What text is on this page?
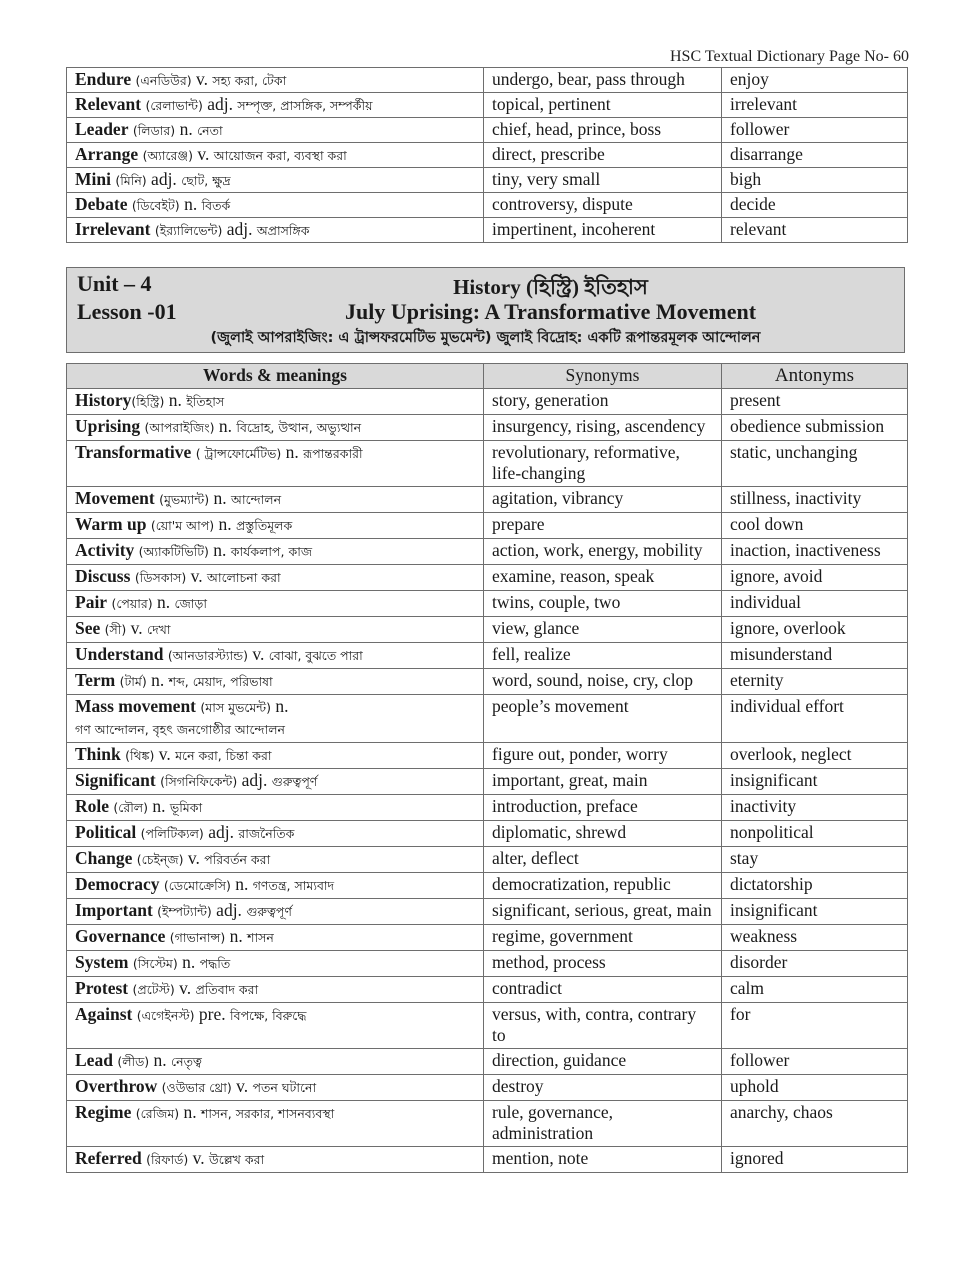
HSC Textual Dictionary Page No- 60
Endure (এনডিউর) v. সহ্য করা, টেকা	undergo, bear, pass through	enjoy
Relevant (রেলাভান্ট) adj. সম্পৃক্ত, প্রাসঙ্গিক, সম্পর্কীয়	topical, pertinent	irrelevant
Leader (লিডার) n. নেতা	chief, head, prince, boss	follower
Arrange (অ্যারেঞ্জ) v. আয়োজন করা, ব্যবস্থা করা	direct, prescribe	disarrange
Mini (মিনি) adj. ছোট, ক্ষুদ্র	tiny, very small	bigh
Debate (ডিবেইট) n. বিতর্ক	controversy, dispute	decide
Irrelevant (ইর‍্যালিভেন্ট) adj. অপ্রাসঙ্গিক	impertinent, incoherent	relevant
Unit – 4	History (হিস্ট্রি) ইতিহাস
Lesson -01	July Uprising: A Transformative Movement
(জুলাই আপরাইজিং: এ ট্রান্সফরমেটিভ মুভমেন্ট) জুলাই বিদ্রোহ: একটি রূপান্তরমূলক আন্দোলন
Words & meanings	Synonyms	Antonyms
History(হিস্ট্রি) n. ইতিহাস	story, generation	present
Uprising (আপরাইজিং) n. বিদ্রোহ, উত্থান, অভ্যুত্থান	insurgency, rising, ascendency	obedience submission
Transformative ( ট্রান্সফোর্মেটিভ) n. রূপান্তরকারী	revolutionary, reformative, life-changing	static, unchanging
Movement (মুভম্যান্ট) n. আন্দোলন	agitation, vibrancy	stillness, inactivity
Warm up (য়ো'ম আপ) n. প্রস্তুতিমূলক	prepare	cool down
Activity (অ্যাকটিভিটি) n. কার্যকলাপ, কাজ	action, work, energy, mobility	inaction, inactiveness
Discuss (ডিসকাস) v. আলোচনা করা	examine, reason, speak	ignore, avoid
Pair (পেয়ার) n. জোড়া	twins, couple, two	individual
See (সী) v. দেখা	view, glance	ignore, overlook
Understand (আনডারস্ট্যান্ড) v. বোঝা, বুঝতে পারা	fell, realize	misunderstand
Term (টার্ম) n. শব্দ, মেয়াদ, পরিভাষা	word, sound, noise, cry, clop	eternity
Mass movement (মাস মুভমেন্ট) n.
গণ আন্দোলন, বৃহৎ জনগোষ্ঠীর আন্দোলন	people’s movement	individual effort
Think (থিঙ্ক) v. মনে করা, চিন্তা করা	figure out, ponder, worry	overlook, neglect
Significant (সিগনিফিকেন্ট) adj. গুরুত্বপূর্ণ	important, great, main	insignificant
Role (রৌল) n. ভূমিকা	introduction, preface	inactivity
Political (পলিটিক্যল) adj. রাজনৈতিক	diplomatic, shrewd	nonpolitical
Change (চেইন্জ) v. পরিবর্তন করা	alter, deflect	stay
Democracy (ডেমোক্রেসি) n. গণতন্ত্র, সাম্যবাদ	democratization, republic	dictatorship
Important (ইম্পট্যান্ট) adj. গুরুত্বপূর্ণ	significant, serious, great, main	insignificant
Governance (গাভানান্স) n. শাসন	regime, government	weakness
System (সিস্টেম) n. পদ্ধতি	method, process	disorder
Protest (প্রটেস্ট) v. প্রতিবাদ করা	contradict	calm
Against (এগেইনস্ট) pre. বিপক্ষে, বিরুদ্ধে	versus, with, contra, contrary to	for
Lead (লীড) n. নেতৃত্ব	direction, guidance	follower
Overthrow (ওউভার থ্রো) v. পতন ঘটানো	destroy	uphold
Regime (রেজিম) n. শাসন, সরকার, শাসনব্যবস্থা	rule, governance, administration	anarchy, chaos
Referred (রিফার্ড) v. উল্লেখ করা	mention, note	ignored
